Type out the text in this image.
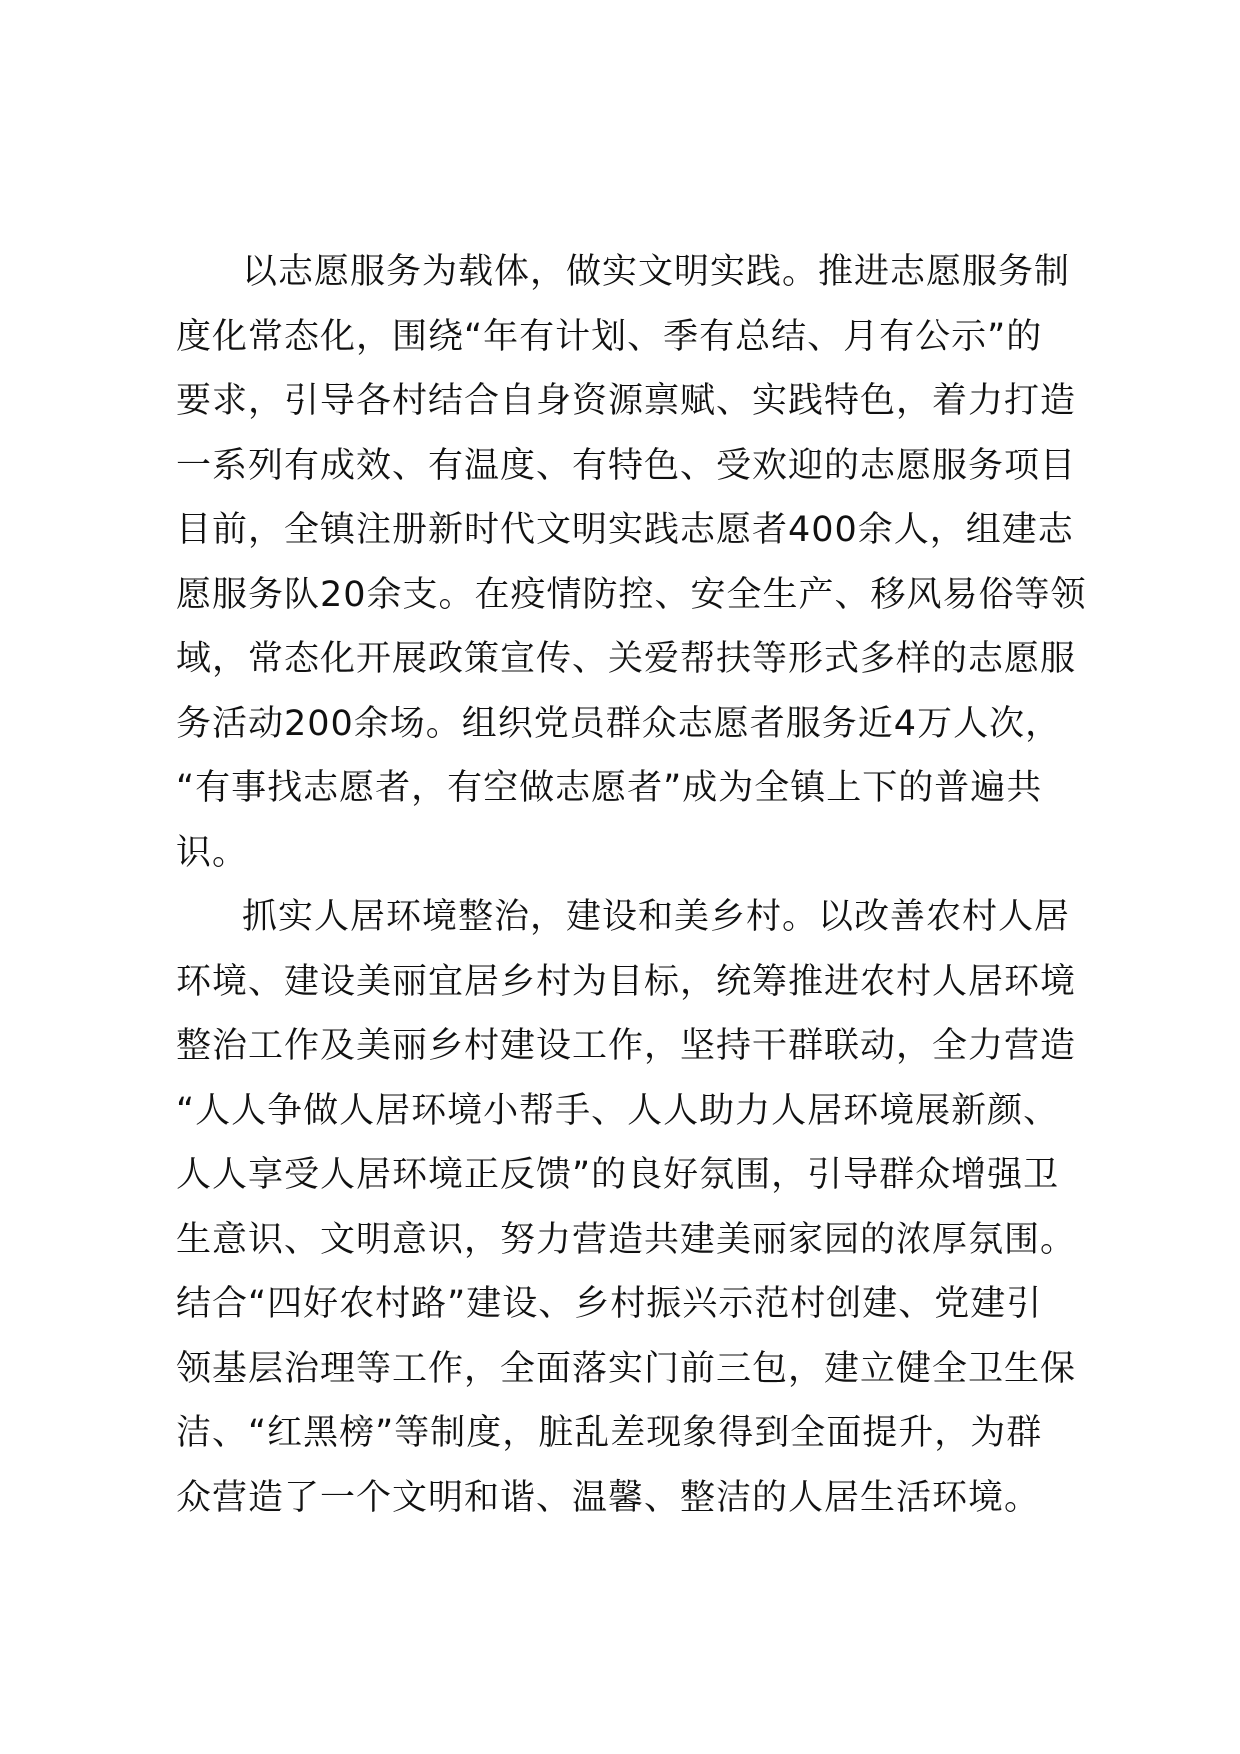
以志愿服务为载体，做实文明实践。推进志愿服务制
度化常态化，围绕“年有计划、季有总结、月有公示”的
要求，引导各村结合自身资源禀赋、实践特色，着力打造
一系列有成效、有温度、有特色、受欢迎的志愿服务项目
目前，全镇注册新时代文明实践志愿者400余人，组建志
愿服务队20余支。在疫情防控、安全生产、移风易俗等领
域，常态化开展政策宣传、关爱帮扶等形式多样的志愿服
务活动200余场。组织党员群众志愿者服务近4万人次，
“有事找志愿者，有空做志愿者”成为全镇上下的普遍共
识。
抓实人居环境整治，建设和美乡村。以改善农村人居
环境、建设美丽宜居乡村为目标，统筹推进农村人居环境
整治工作及美丽乡村建设工作，坚持干群联动，全力营造
“人人争做人居环境小帮手、人人助力人居环境展新颜、
人人享受人居环境正反馈”的良好氛围，引导群众增强卫
生意识、文明意识，努力营造共建美丽家园的浓厚氛围。
结合“四好农村路”建设、乡村振兴示范村创建、党建引
领基层治理等工作，全面落实门前三包，建立健全卫生保
洁、“红黑榜”等制度，脏乱差现象得到全面提升，为群
众营造了一个文明和谐、温馨、整洁的人居生活环境。
